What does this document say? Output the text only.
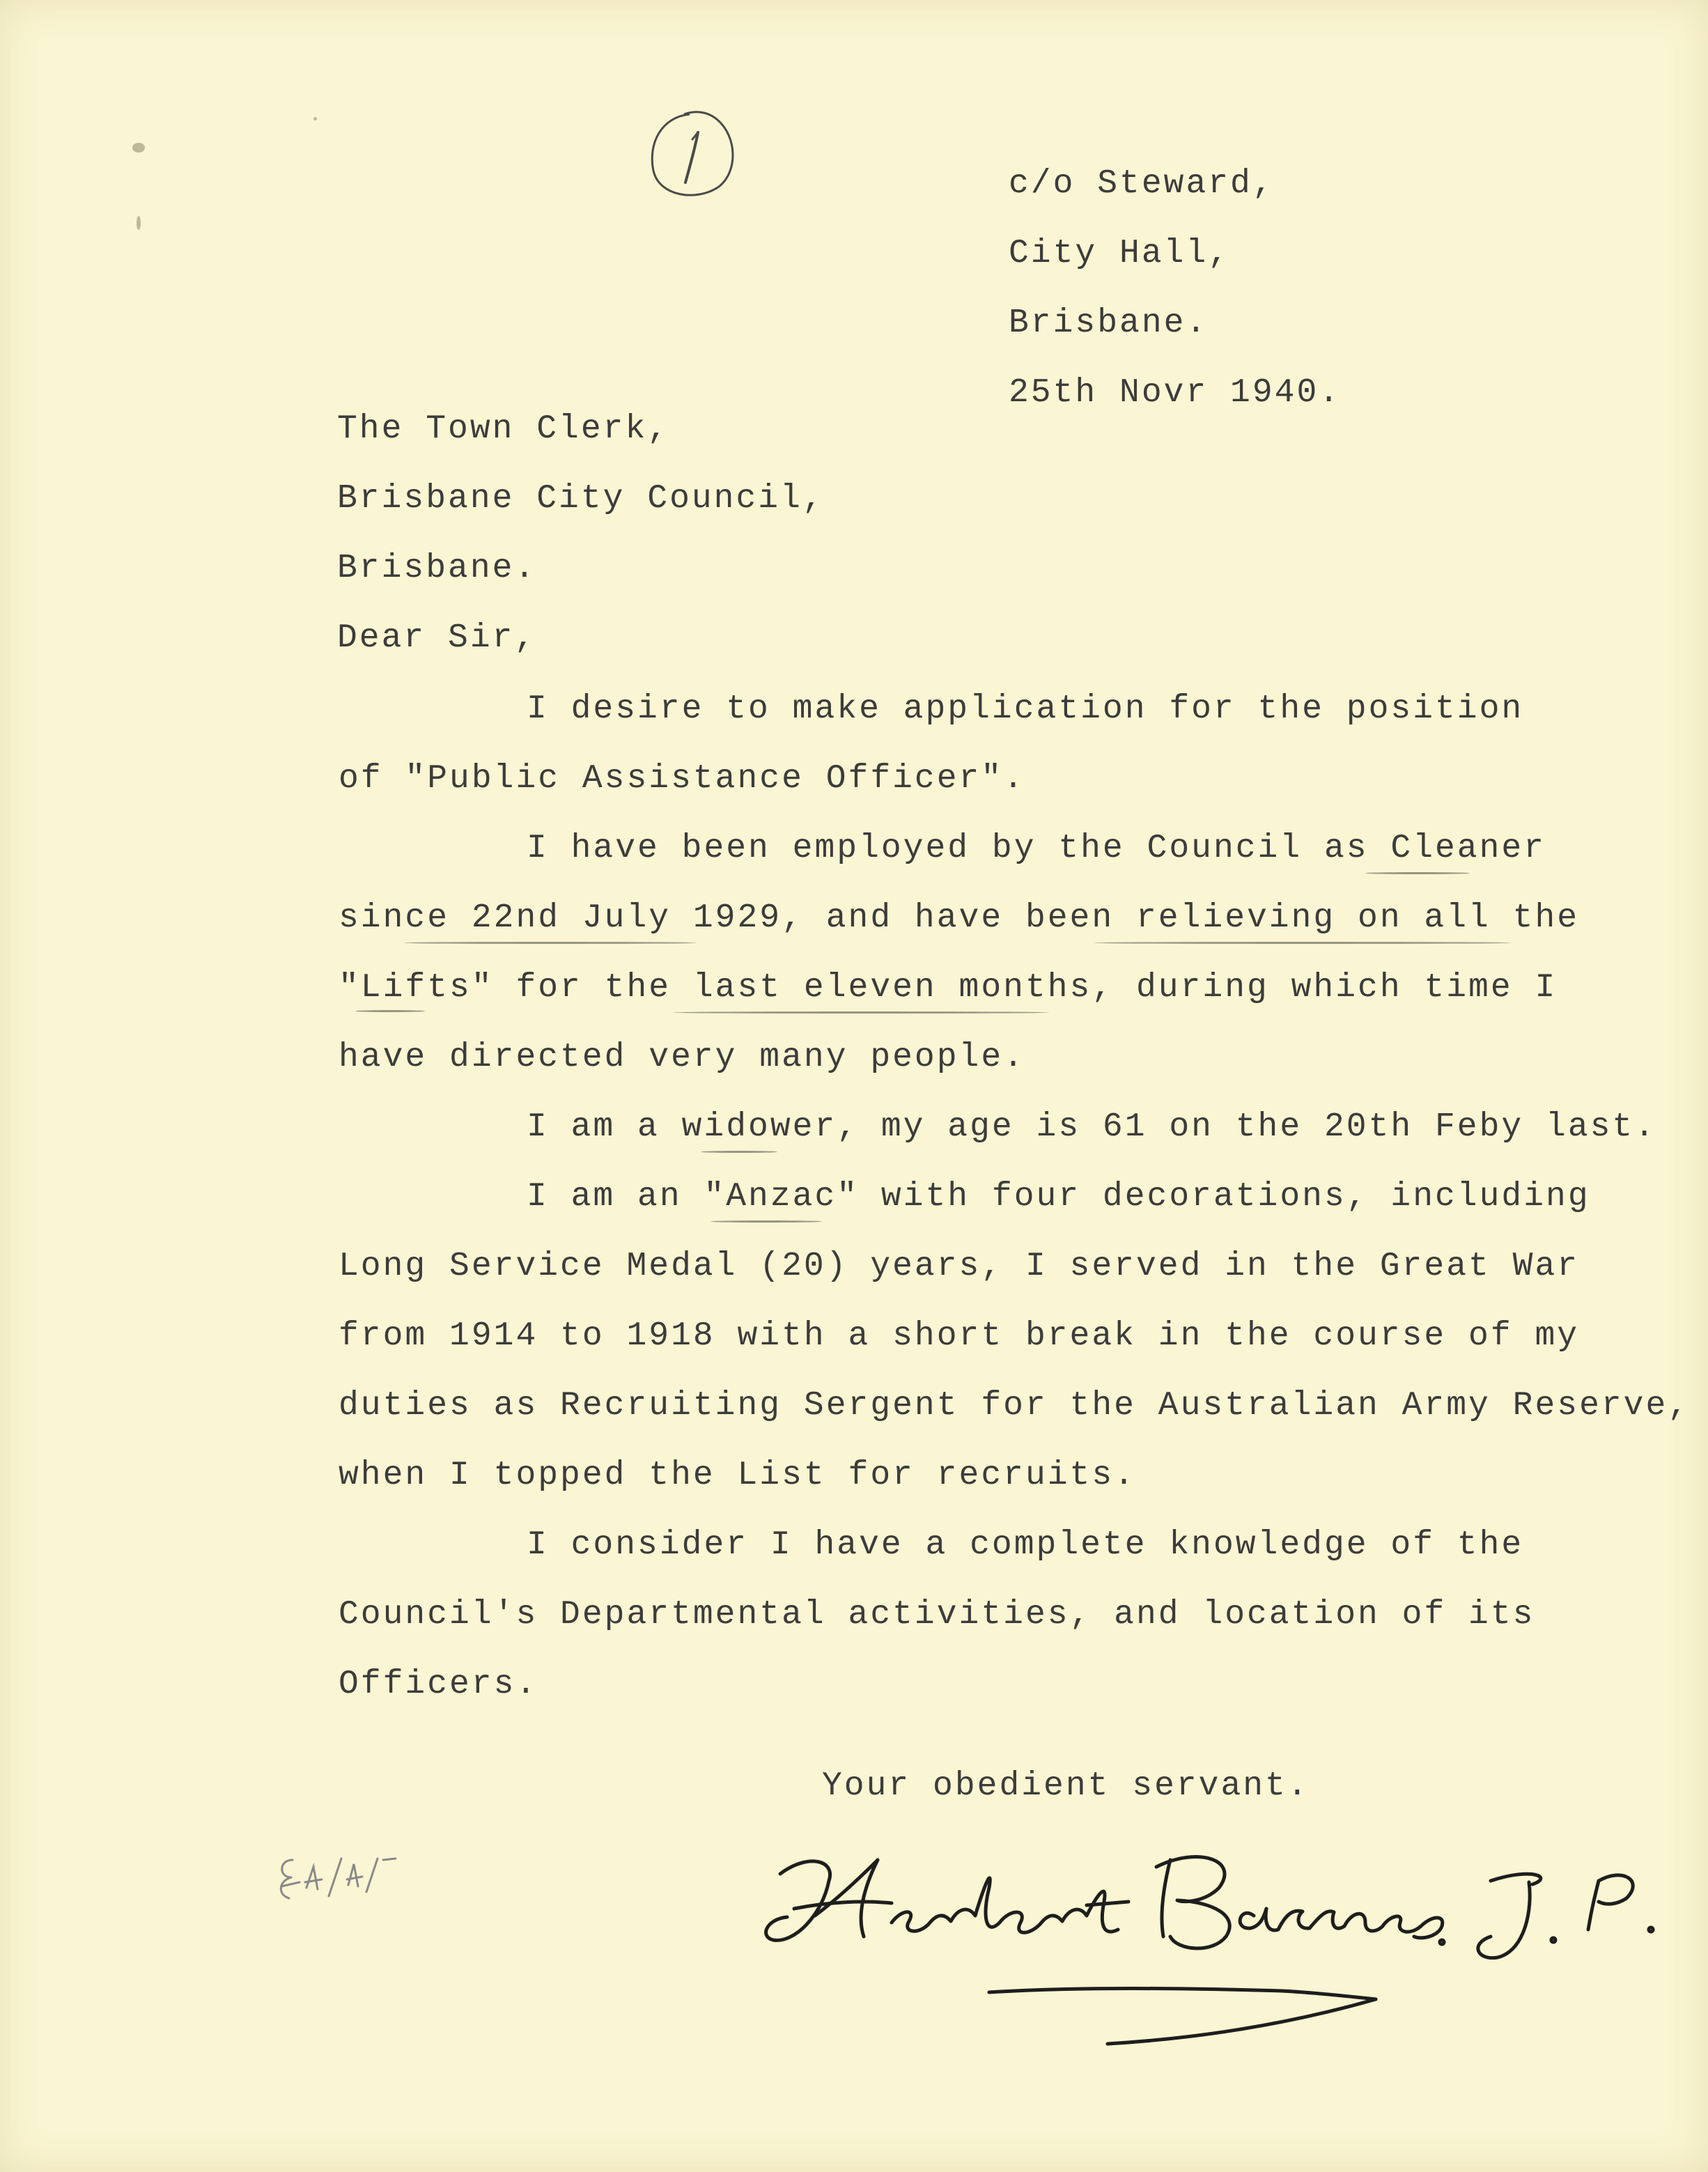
c/o Steward,
City Hall,
Brisbane.
25th Novr 1940.
The Town Clerk,
Brisbane City Council,
Brisbane.
Dear Sir,
I desire to make application for the position
of "Public Assistance Officer".
I have been employed by the Council as Cleaner
since 22nd July 1929, and have been relieving on all the
"Lifts" for the last eleven months, during which time I
have directed very many people.
I am a widower, my age is 61 on the 20th Feby last.
I am an "Anzac" with four decorations, including
Long Service Medal (20) years, I served in the Great War
from 1914 to 1918 with a short break in the course of my
duties as Recruiting Sergent for the Australian Army Reserve,
when I topped the List for recruits.
I consider I have a complete knowledge of the
Council's Departmental activities, and location of its
Officers.
Your obedient servant.
